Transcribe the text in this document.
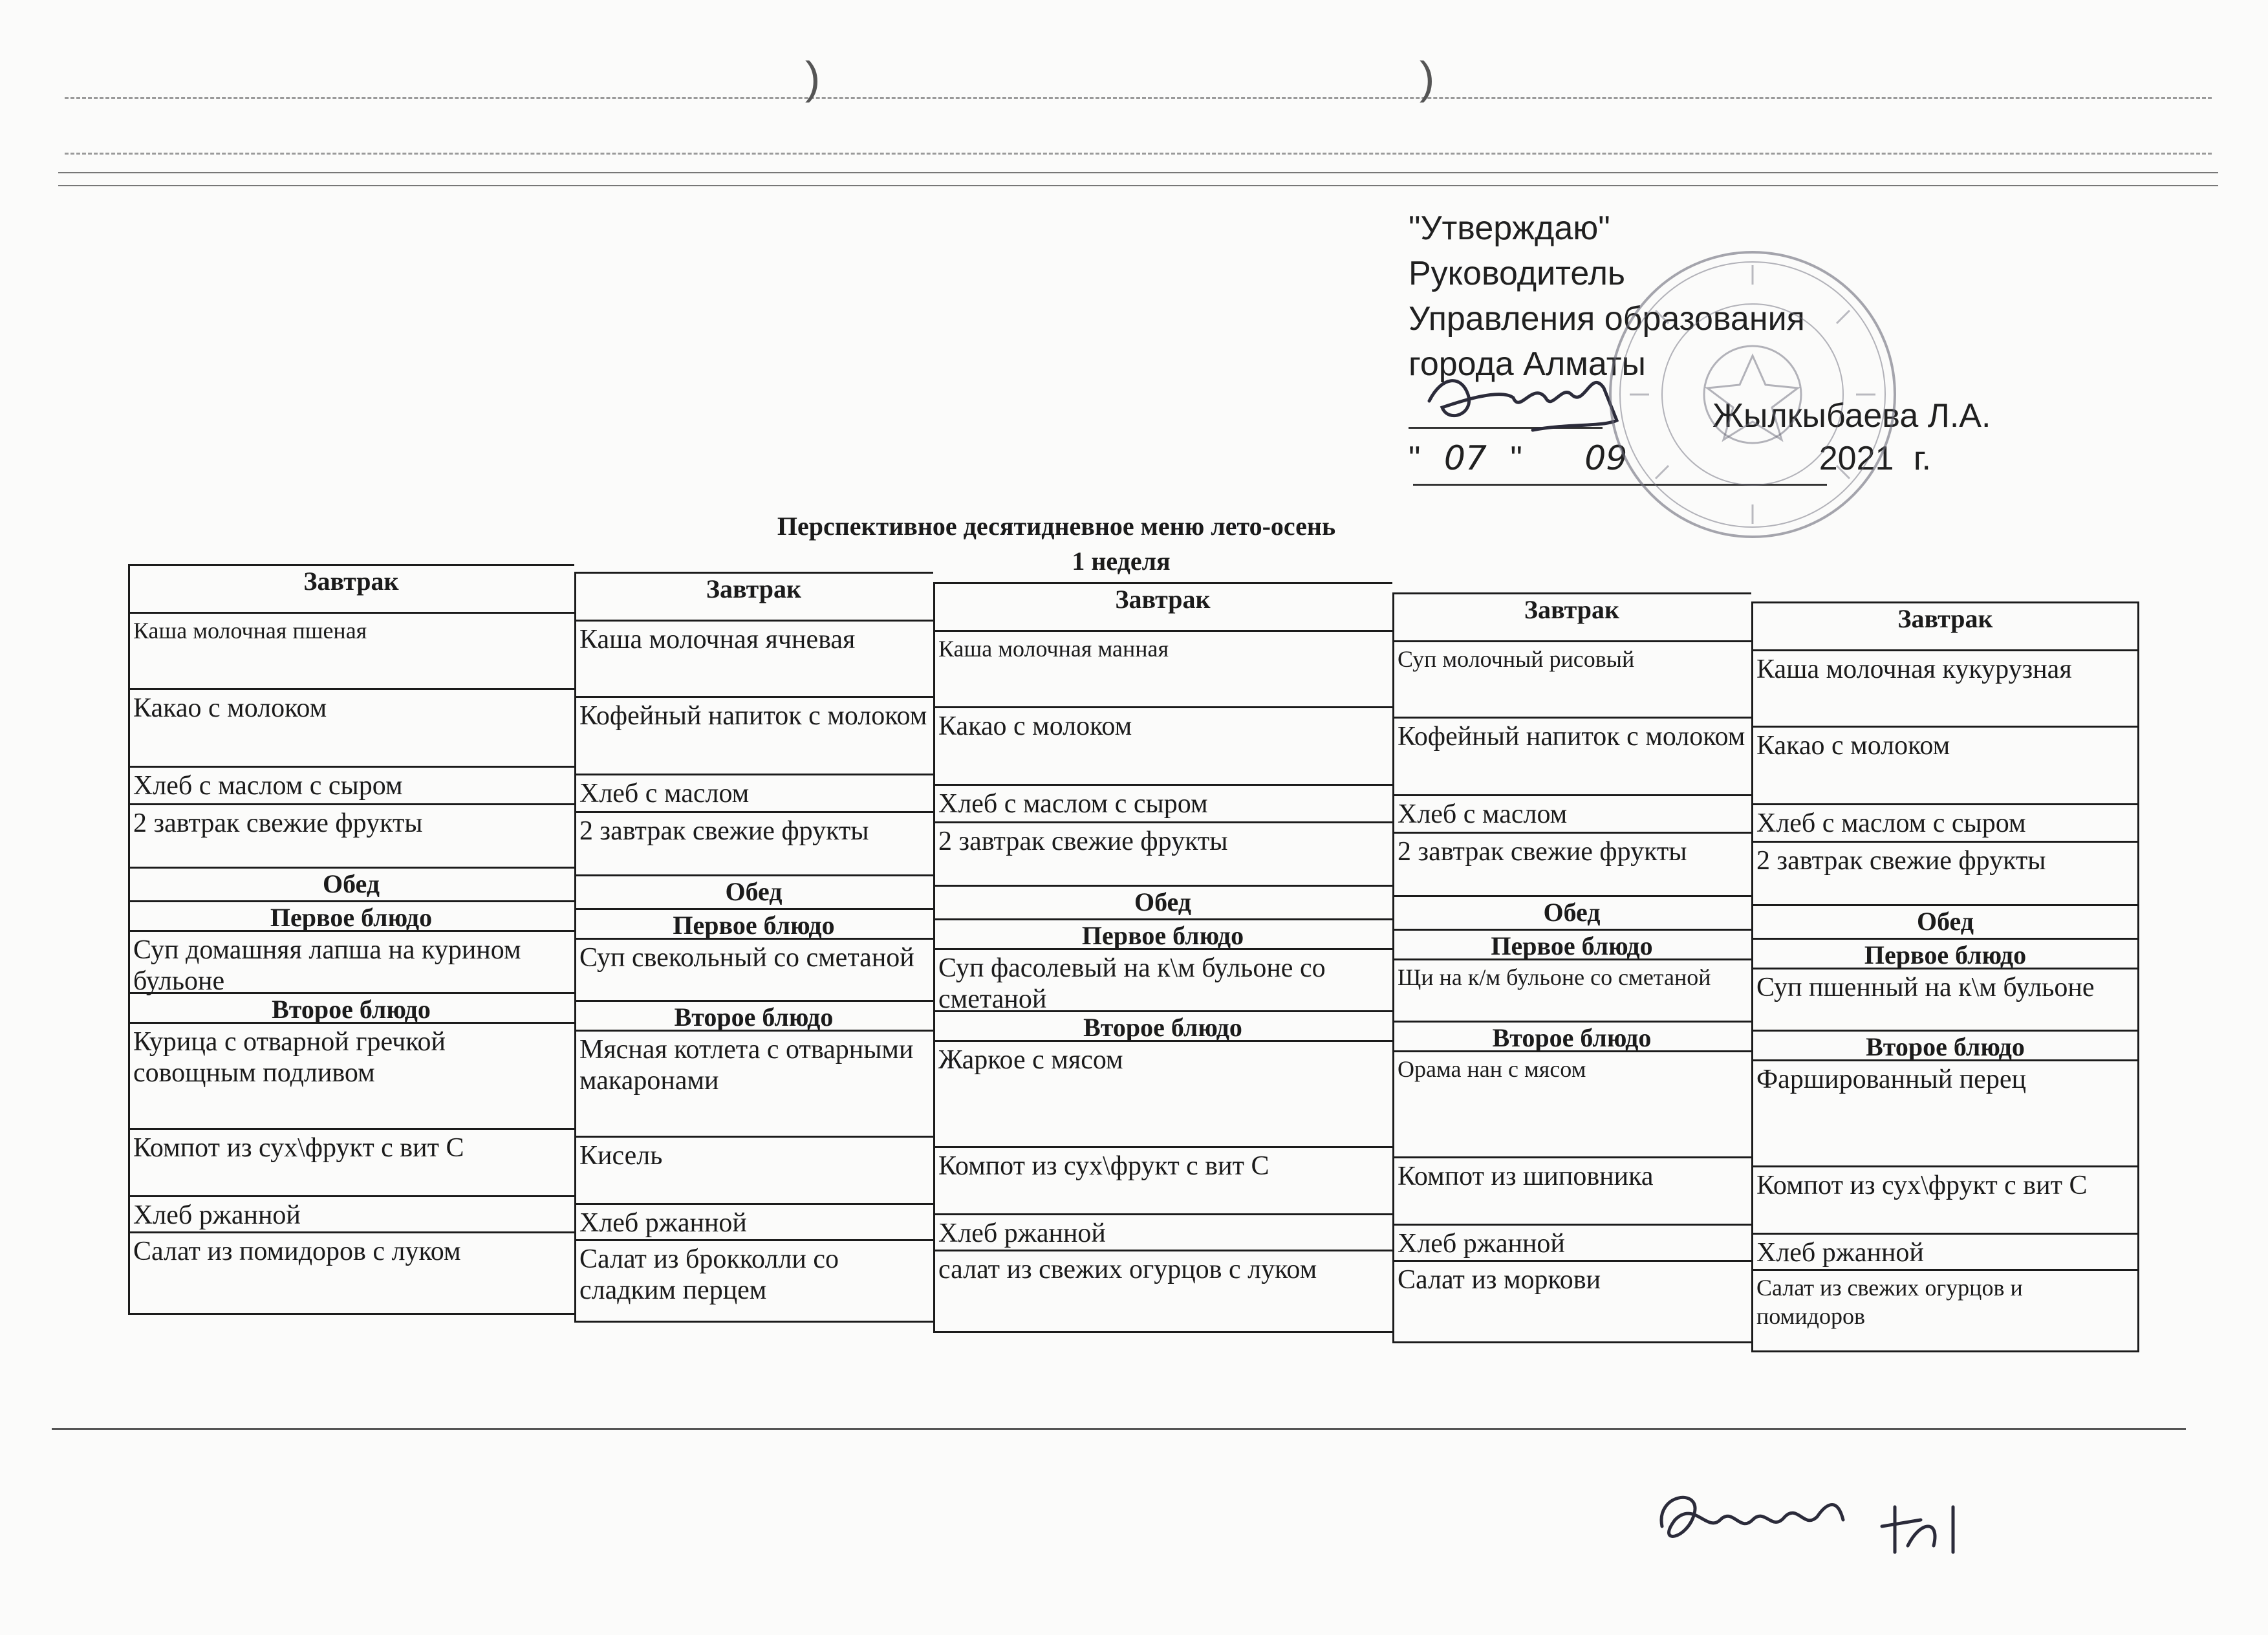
)	)
"Утверждаю"
Руководитель
Управления образования
города Алматы
Жылкыбаева Л.А.
" 07 " 09	2021 г.
Перспективное десятидневное меню лето-осень
1 неделя
Завтрак
Каша молочная пшеная
Какао с молоком
Хлеб с маслом с сыром
2 завтрак свежие фрукты
Обед
Первое блюдо
Суп домашняя лапша на курином бульоне
Второе блюдо
Курица с отварной гречкой совощным подливом
Компот из сух\фрукт с вит С
Хлеб ржанной
Салат из помидоров с луком
Завтрак
Каша молочная ячневая
Кофейный напиток с молоком
Хлеб с маслом
2 завтрак свежие фрукты
Обед
Первое блюдо
Суп свекольный со сметаной
Второе блюдо
Мясная котлета с отварными макаронами
Кисель
Хлеб ржанной
Салат из брокколли со сладким перцем
Завтрак
Каша молочная манная
Какао с молоком
Хлеб с маслом с сыром
2 завтрак свежие фрукты
Обед
Первое блюдо
Суп фасолевый на к\м бульоне со сметаной
Второе блюдо
Жаркое с мясом
Компот из сух\фрукт с вит С
Хлеб ржанной
салат из свежих огурцов с луком
Завтрак
Суп молочный рисовый
Кофейный напиток с молоком
Хлеб с маслом
2 завтрак свежие фрукты
Обед
Первое блюдо
Щи на к/м бульоне со сметаной
Второе блюдо
Орама нан с мясом
Компот из шиповника
Хлеб ржанной
Салат из моркови
Завтрак
Каша молочная кукурузная
Какао с молоком
Хлеб с маслом с сыром
2 завтрак свежие фрукты
Обед
Первое блюдо
Суп пшенный на к\м бульоне
Второе блюдо
Фаршированный перец
Компот из сух\фрукт с вит С
Хлеб ржанной
Салат из свежих огурцов и помидоров
